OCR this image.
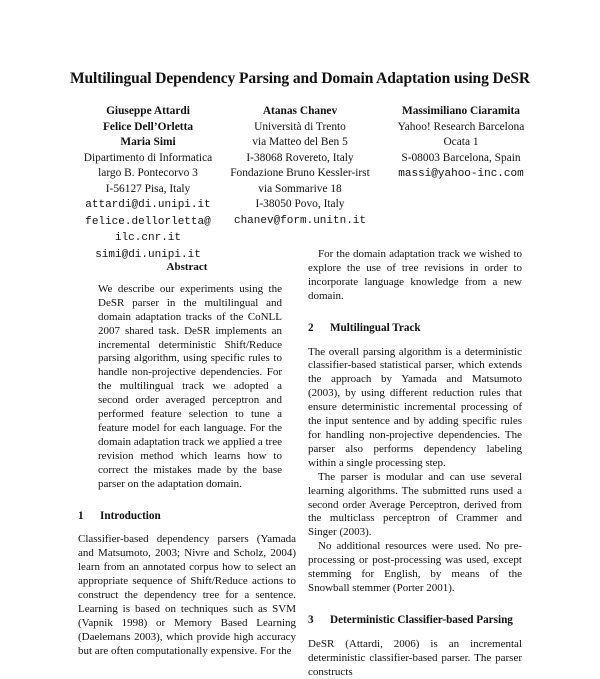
Multilingual Dependency Parsing and Domain Adaptation using DeSR
Giuseppe Attardi
Felice Dell’Orletta
Maria Simi
Dipartimento di Informatica
largo B. Pontecorvo 3
I-56127 Pisa, Italy
attardi@di.unipi.it
felice.dellorletta@
ilc.cnr.it
simi@di.unipi.it
Atanas Chanev
Università di Trento
via Matteo del Ben 5
I-38068 Rovereto, Italy
Fondazione Bruno Kessler-irst
via Sommarive 18
I-38050 Povo, Italy
chanev@form.unitn.it
Massimiliano Ciaramita
Yahoo! Research Barcelona
Ocata 1
S-08003 Barcelona, Spain
massi@yahoo-inc.com
Abstract

We describe our experiments using the DeSR parser in the multilingual and domain adaptation tracks of the CoNLL 2007 shared task. DeSR implements an incremental deterministic Shift/Reduce parsing algorithm, using specific rules to handle non-projective dependencies. For the multilingual track we adopted a second order averaged perceptron and performed feature selection to tune a feature model for each language. For the domain adaptation track we applied a tree revision method which learns how to correct the mistakes made by the base parser on the adaptation domain.

1 Introduction

Classifier-based dependency parsers (Yamada and Matsumoto, 2003; Nivre and Scholz, 2004) learn from an annotated corpus how to select an appropriate sequence of Shift/Reduce actions to construct the dependency tree for a sentence. Learning is based on techniques such as SVM (Vapnik 1998) or Memory Based Learning (Daelemans 2003), which provide high accuracy but are often computationally expensive. For the

For the domain adaptation track we wished to explore the use of tree revisions in order to incorporate language knowledge from a new domain.

2 Multilingual Track

The overall parsing algorithm is a deterministic classifier-based statistical parser, which extends the approach by Yamada and Matsumoto (2003), by using different reduction rules that ensure deterministic incremental processing of the input sentence and by adding specific rules for handling non-projective dependencies. The parser also performs dependency labeling within a single processing step.

The parser is modular and can use several learning algorithms. The submitted runs used a second order Average Perceptron, derived from the multiclass perceptron of Crammer and Singer (2003).

No additional resources were used. No pre-processing or post-processing was used, except stemming for English, by means of the Snowball stemmer (Porter 2001).

3 Deterministic Classifier-based Parsing

DeSR (Attardi, 2006) is an incremental deterministic classifier-based parser. The parser constructs
